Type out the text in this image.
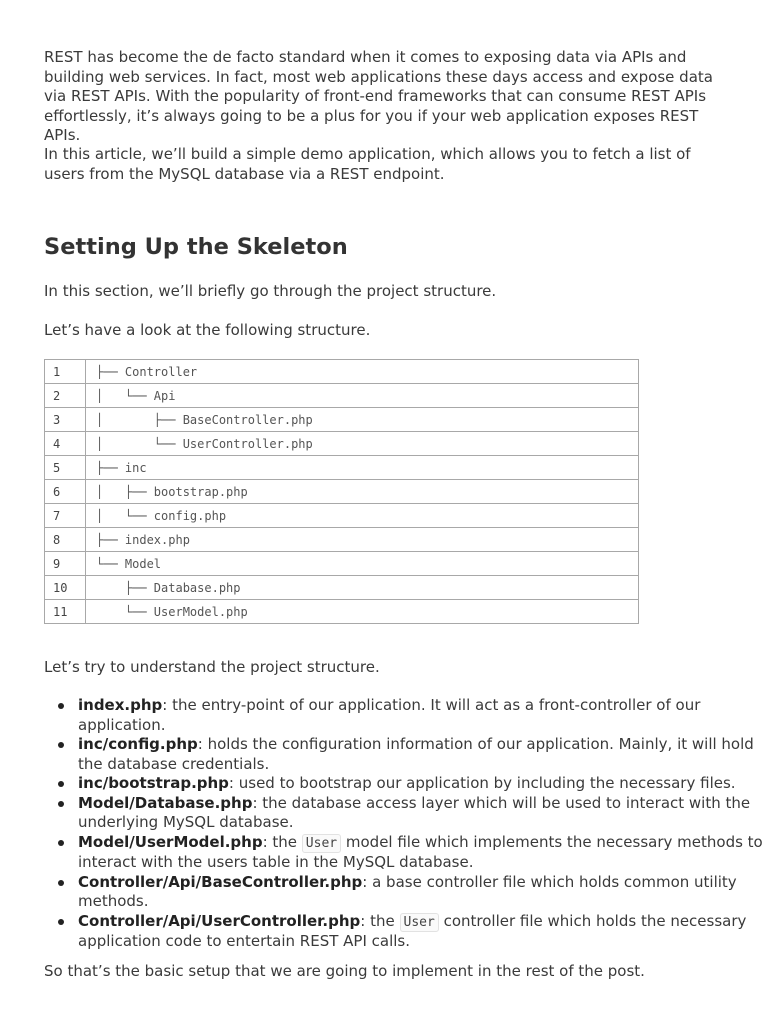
REST has become the de facto standard when it comes to exposing data via APIs and building web services. In fact, most web applications these days access and expose data via REST APIs. With the popularity of front-end frameworks that can consume REST APIs effortlessly, it’s always going to be a plus for you if your web application exposes REST APIs.

In this article, we’ll build a simple demo application, which allows you to fetch a list of users from the MySQL database via a REST endpoint.

Setting Up the Skeleton

In this section, we’ll briefly go through the project structure.

Let’s have a look at the following structure.

1	├── Controller
2	│   └── Api
3	│       ├── BaseController.php
4	│       └── UserController.php
5	├── inc
6	│   ├── bootstrap.php
7	│   └── config.php
8	├── index.php
9	└── Model
10	├── Database.php
11	└── UserModel.php

Let’s try to understand the project structure.

index.php: the entry-point of our application. It will act as a front-controller of our application.
inc/config.php: holds the configuration information of our application. Mainly, it will hold the database credentials.
inc/bootstrap.php: used to bootstrap our application by including the necessary files.
Model/Database.php: the database access layer which will be used to interact with the underlying MySQL database.
Model/UserModel.php: the User model file which implements the necessary methods to interact with the users table in the MySQL database.
Controller/Api/BaseController.php: a base controller file which holds common utility methods.
Controller/Api/UserController.php: the User controller file which holds the necessary application code to entertain REST API calls.

So that’s the basic setup that we are going to implement in the rest of the post.
